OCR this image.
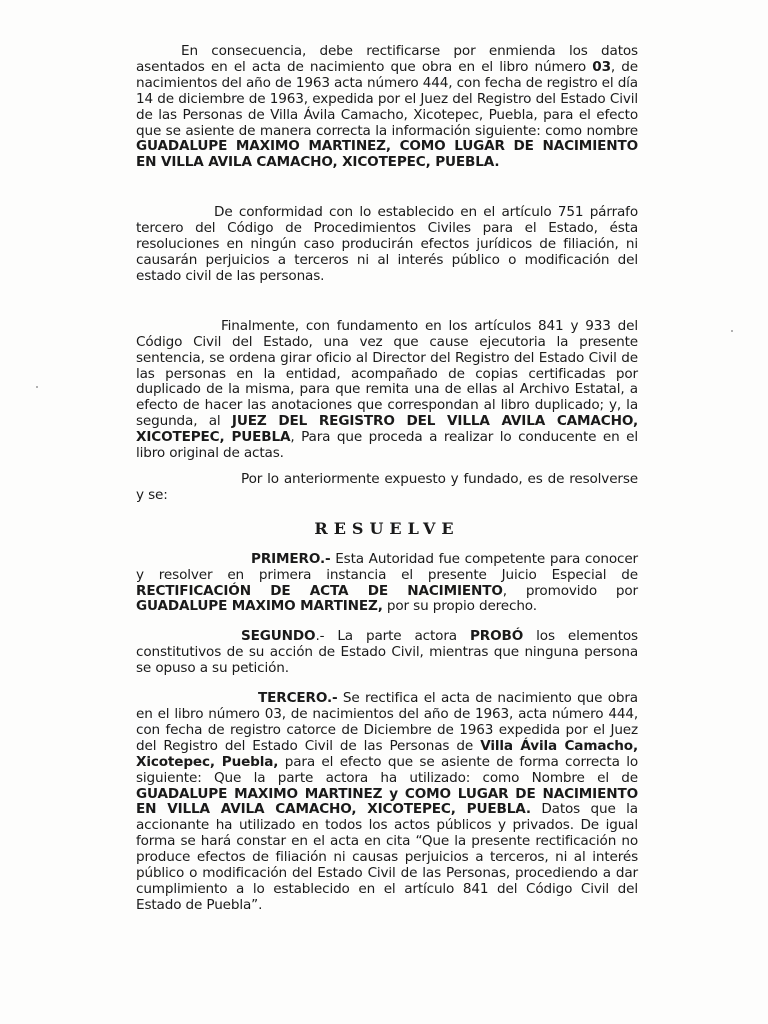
En consecuencia, debe rectificarse por enmienda los datos asentados en el acta de nacimiento que obra en el libro número 03, de nacimientos del año de 1963 acta número 444, con fecha de registro el día 14 de diciembre de 1963, expedida por el Juez del Registro del Estado Civil de las Personas de Villa Ávila Camacho, Xicotepec, Puebla, para el efecto que se asiente de manera correcta la información siguiente: como nombre GUADALUPE MAXIMO MARTINEZ, COMO LUGAR DE NACIMIENTO EN VILLA AVILA CAMACHO, XICOTEPEC, PUEBLA.

De conformidad con lo establecido en el artículo 751 párrafo tercero del Código de Procedimientos Civiles para el Estado, ésta resoluciones en ningún caso producirán efectos jurídicos de filiación, ni causarán perjuicios a terceros ni al interés público o modificación del estado civil de las personas.

Finalmente, con fundamento en los artículos 841 y 933 del Código Civil del Estado, una vez que cause ejecutoria la presente sentencia, se ordena girar oficio al Director del Registro del Estado Civil de las personas en la entidad, acompañado de copias certificadas por duplicado de la misma, para que remita una de ellas al Archivo Estatal, a efecto de hacer las anotaciones que correspondan al libro duplicado; y, la segunda, al JUEZ DEL REGISTRO DEL VILLA AVILA CAMACHO, XICOTEPEC, PUEBLA, Para que proceda a realizar lo conducente en el libro original de actas.

Por lo anteriormente expuesto y fundado, es de resolverse y se:

RESUELVE

PRIMERO.- Esta Autoridad fue competente para conocer y resolver en primera instancia el presente Juicio Especial de RECTIFICACIÓN DE ACTA DE NACIMIENTO, promovido por GUADALUPE MAXIMO MARTINEZ, por su propio derecho.

SEGUNDO.- La parte actora PROBÓ los elementos constitutivos de su acción de Estado Civil, mientras que ninguna persona se opuso a su petición.

TERCERO.- Se rectifica el acta de nacimiento que obra en el libro número 03, de nacimientos del año de 1963, acta número 444, con fecha de registro catorce de Diciembre de 1963 expedida por el Juez del Registro del Estado Civil de las Personas de Villa Ávila Camacho, Xicotepec, Puebla, para el efecto que se asiente de forma correcta lo siguiente: Que la parte actora ha utilizado: como Nombre el de GUADALUPE MAXIMO MARTINEZ y COMO LUGAR DE NACIMIENTO EN VILLA AVILA CAMACHO, XICOTEPEC, PUEBLA. Datos que la accionante ha utilizado en todos los actos públicos y privados. De igual forma se hará constar en el acta en cita “Que la presente rectificación no produce efectos de filiación ni causas perjuicios a terceros, ni al interés público o modificación del Estado Civil de las Personas, procediendo a dar cumplimiento a lo establecido en el artículo 841 del Código Civil del Estado de Puebla”.
